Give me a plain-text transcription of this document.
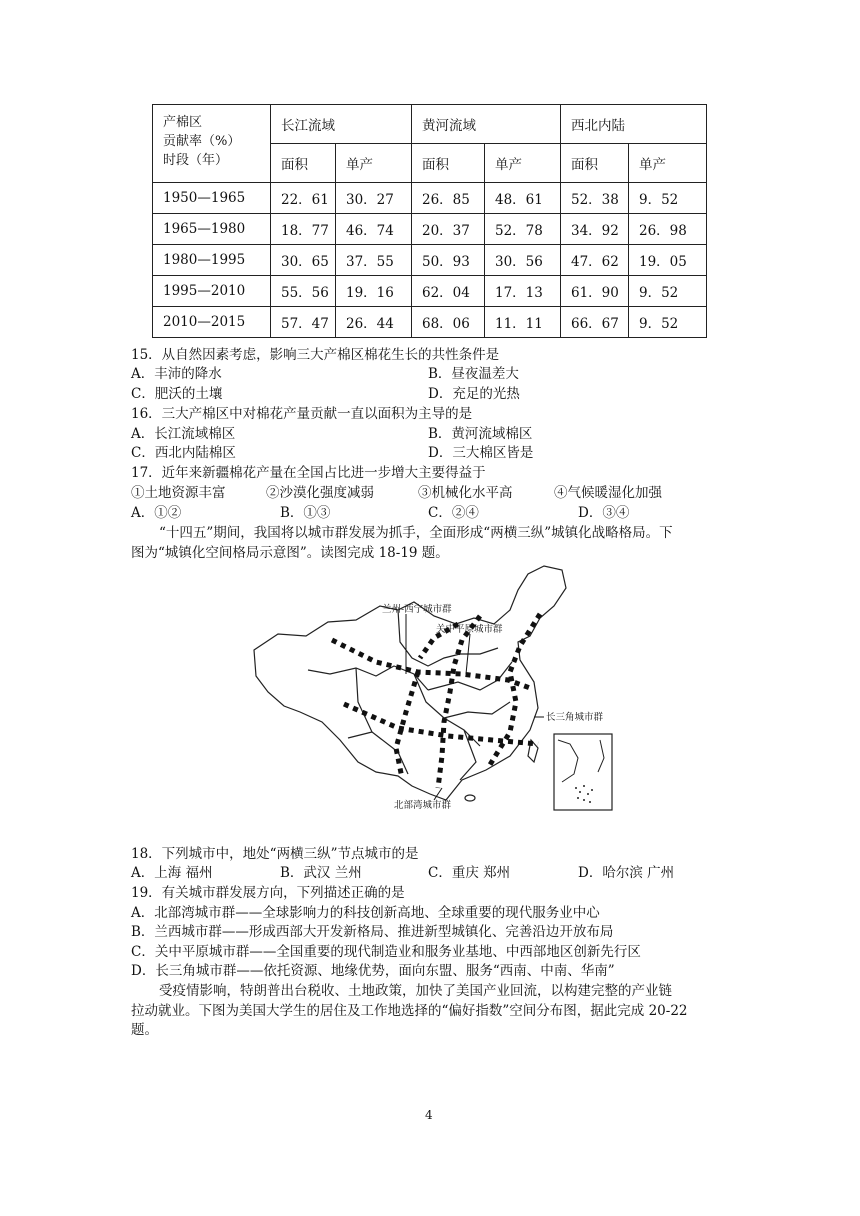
产棉区
贡献率（%）
时段（年）	长江流域		黄河流域		西北内陆	
	面积	单产	面积	单产	面积	单产
1950—1965	22．61	30．27	26．85	48．61	52．38	9．52
1965—1980	18．77	46．74	20．37	52．78	34．92	26．98
1980—1995	30．65	37．55	50．93	30．56	47．62	19．05
1995—2010	55．56	19．16	62．04	17．13	61．90	9．52
2010—2015	57．47	26．44	68．06	11．11	66．67	9．52
15．从自然因素考虑，影响三大产棉区棉花生长的共性条件是
A．丰沛的降水	B．昼夜温差大
C．肥沃的土壤	D．充足的光热
16．三大产棉区中对棉花产量贡献一直以面积为主导的是
A．长江流域棉区	B．黄河流域棉区
C．西北内陆棉区	D．三大棉区皆是
17．近年来新疆棉花产量在全国占比进一步增大主要得益于
①土地资源丰富	②沙漠化强度减弱	③机械化水平高	④气候暖湿化加强
A．①②	B．①③	C．②④	D．③④
“十四五”期间，我国将以城市群发展为抓手，全面形成“两横三纵”城镇化战略格局。下
图为“城镇化空间格局示意图”。读图完成 18-19 题。
兰州-西宁城市群
关中平原城市群
长三角城市群
北部湾城市群
18．下列城市中，地处“两横三纵”节点城市的是
A．上海 福州	B．武汉 兰州	C．重庆 郑州	D．哈尔滨 广州
19．有关城市群发展方向，下列描述正确的是
A．北部湾城市群——全球影响力的科技创新高地、全球重要的现代服务业中心
B．兰西城市群——形成西部大开发新格局、推进新型城镇化、完善沿边开放布局
C．关中平原城市群——全国重要的现代制造业和服务业基地、中西部地区创新先行区
D．长三角城市群——依托资源、地缘优势，面向东盟、服务“西南、中南、华南”
受疫情影响，特朗普出台税收、土地政策，加快了美国产业回流，以构建完整的产业链
拉动就业。下图为美国大学生的居住及工作地选择的“偏好指数”空间分布图，据此完成 20-22
题。
4
